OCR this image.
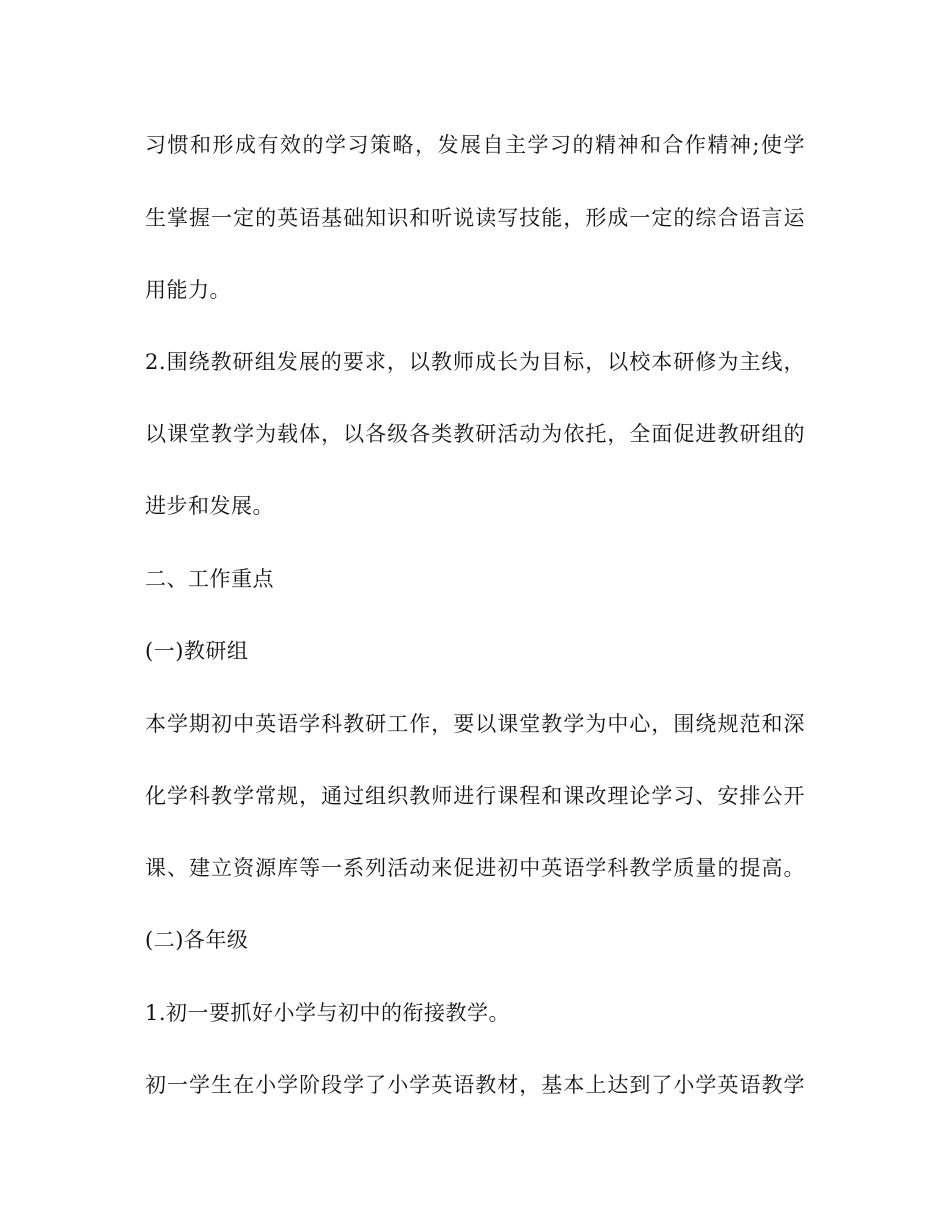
习惯和形成有效的学习策略，发展自主学习的精神和合作精神;使学
生掌握一定的英语基础知识和听说读写技能，形成一定的综合语言运
用能力。
2.围绕教研组发展的要求，以教师成长为目标，以校本研修为主线，
以课堂教学为载体，以各级各类教研活动为依托，全面促进教研组的
进步和发展。
二、工作重点
(一)教研组
本学期初中英语学科教研工作，要以课堂教学为中心，围绕规范和深
化学科教学常规，通过组织教师进行课程和课改理论学习、安排公开
课、建立资源库等一系列活动来促进初中英语学科教学质量的提高。
(二)各年级
1.初一要抓好小学与初中的衔接教学。
初一学生在小学阶段学了小学英语教材，基本上达到了小学英语教学
